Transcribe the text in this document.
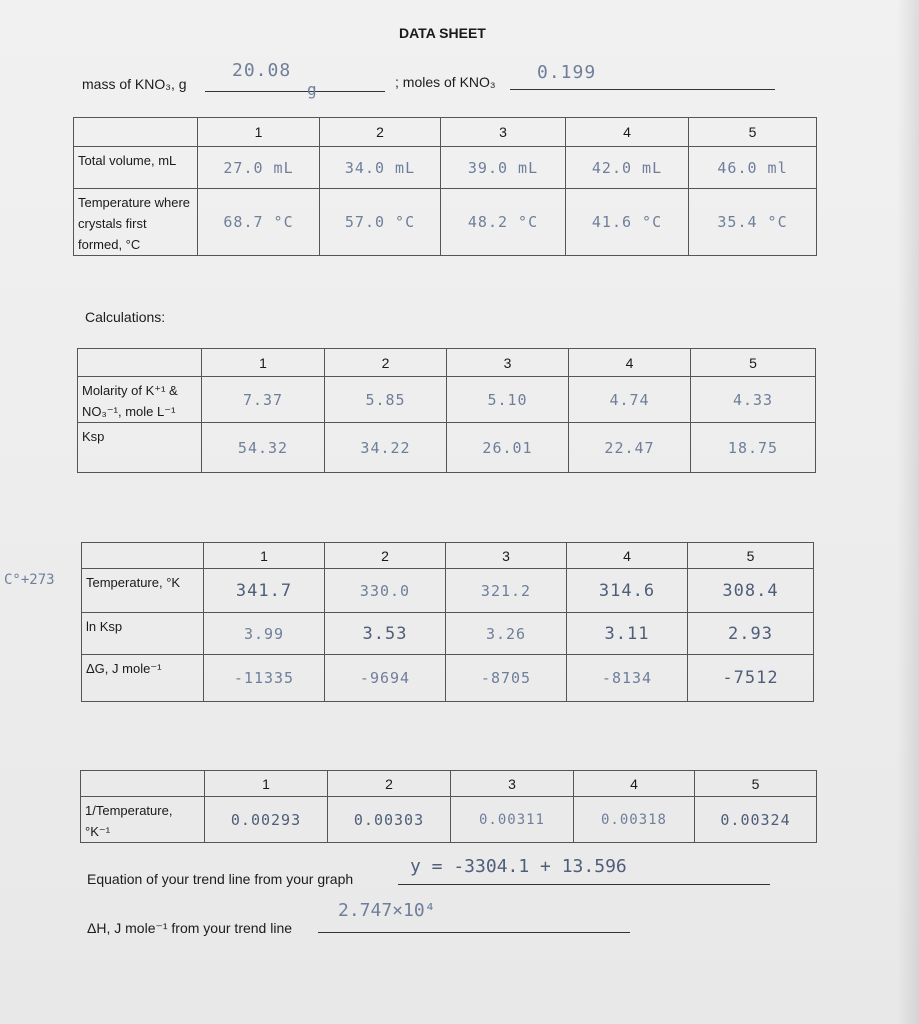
DATA SHEET
mass of KNO₃, g
20.08
g	; moles of KNO₃ 0.199
	1	2	3	4	5
Total volume, mL	27.0 mL	34.0 mL	39.0 mL	42.0 mL	46.0 ml
Temperature where crystals first formed, °C	68.7 °C	57.0 °C	48.2 °C	41.6 °C	35.4 °C
Calculations:
	1	2	3	4	5
Molarity of K⁺¹ & NO₃⁻¹, mole L⁻¹	7.37	5.85	5.10	4.74	4.33
Ksp	54.32	34.22	26.01	22.47	18.75
C°+273
	1	2	3	4	5
Temperature, °K	341.7	330.0	321.2	314.6	308.4
ln Ksp	3.99	3.53	3.26	3.11	2.93
ΔG, J mole⁻¹	-11335	-9694	-8705	-8134	-7512
	1	2	3	4	5
1/Temperature, °K⁻¹	0.00293	0.00303	0.00311	0.00318	0.00324
Equation of your trend line from your graph
y = -3304.1 + 13.596
ΔH, J mole⁻¹ from your trend line
2.747×10⁴
